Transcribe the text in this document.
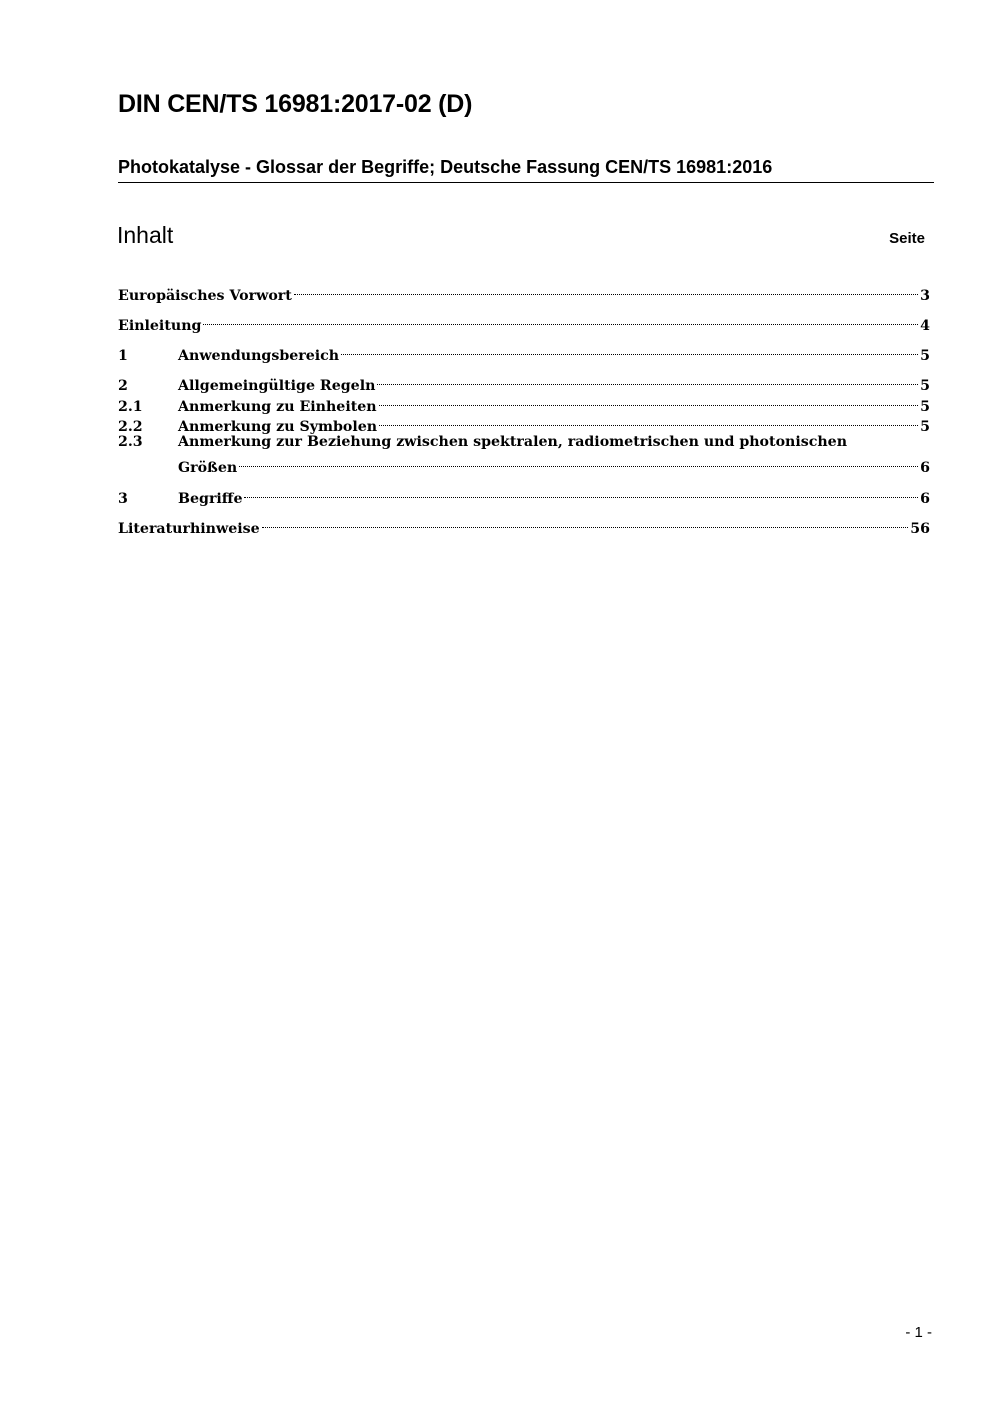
DIN CEN/TS 16981:2017-02 (D)
Photokatalyse - Glossar der Begriffe; Deutsche Fassung CEN/TS 16981:2016
Inhalt	Seite
Europäisches Vorwort	3
Einleitung	4
1	Anwendungsbereich	5
2	Allgemeingültige Regeln	5
2.1	Anmerkung zu Einheiten	5
2.2	Anmerkung zu Symbolen	5
2.3	Anmerkung zur Beziehung zwischen spektralen, radiometrischen und photonischen
Größen	6
3	Begriffe	6
Literaturhinweise	56
- 1 -
